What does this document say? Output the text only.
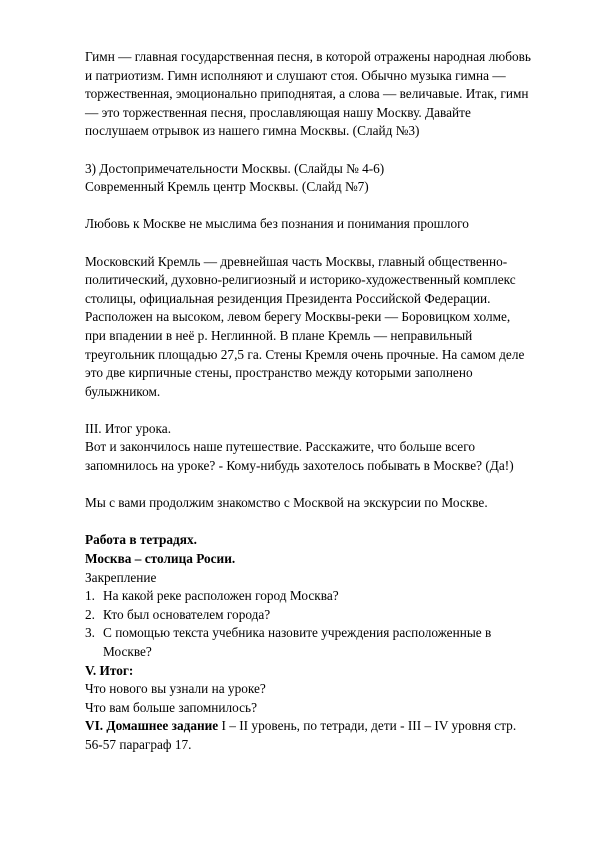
Гимн — главная государственная песня, в которой отражены народная любовь
и патриотизм. Гимн исполняют и слушают стоя. Обычно музыка гимна —
торжественная, эмоционально приподнятая, а слова — величавые. Итак, гимн
— это торжественная песня, прославляющая нашу Москву. Давайте
послушаем отрывок из нашего гимна Москвы. (Слайд №3)
3) Достопримечательности Москвы. (Слайды № 4-6)
Современный Кремль центр Москвы. (Слайд №7)
Любовь к Москве не мыслима без познания и понимания прошлого
Московский Кремль — древнейшая часть Москвы, главный общественно-
политический, духовно-религиозный и историко-художественный комплекс
столицы, официальная резиденция Президента Российской Федерации.
Расположен на высоком, левом берегу Москвы-реки — Боровицком холме,
при впадении в неё р. Неглинной. В плане Кремль — неправильный
треугольник площадью 27,5 га. Стены Кремля очень прочные. На самом деле
это две кирпичные стены, пространство между которыми заполнено
булыжником.
III. Итог урока.
Вот и закончилось наше путешествие. Расскажите, что больше всего
запомнилось на уроке? - Кому-нибудь захотелось побывать в Москве? (Да!)
Мы с вами продолжим знакомство с Москвой на экскурсии по Москве.
Работа в тетрадях.
Москва – столица Росии.
Закрепление
1. На какой реке расположен город Москва?
2. Кто был основателем города?
3. С помощью текста учебника назовите учреждения расположенные в
Москве?
V. Итог:
Что нового вы узнали на уроке?
Что вам больше запомнилось?
VI. Домашнее задание I – II уровень, по тетради, дети - III – IV уровня стр.
56-57 параграф 17.
